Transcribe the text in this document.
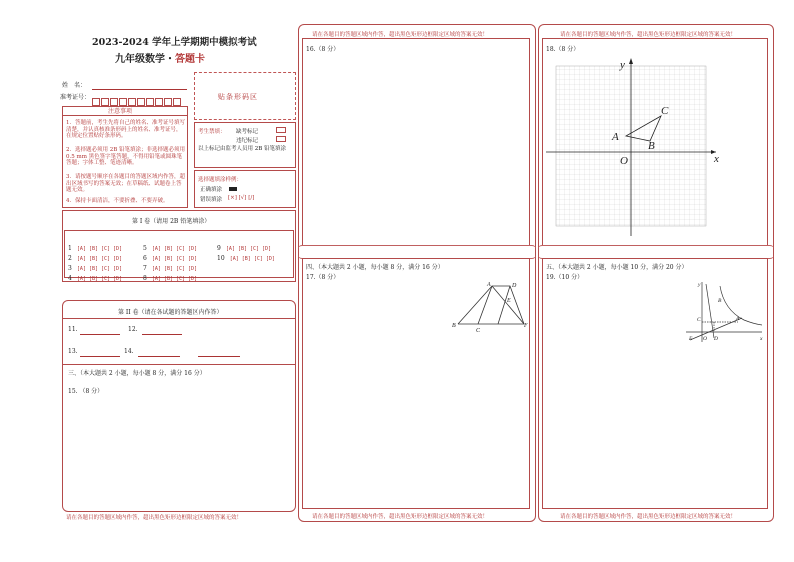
2023-2024 学年上学期期中模拟考试
九年级数学・答题卡
姓　名：
准考证号：	贴条形码区
注意事项
1．答题前，考生先将自己的姓名、准考证号填写清楚，并认真核准条形码上的姓名、准考证号，在规定位置贴好条形码。
2．选择题必须用 2B 铅笔填涂；非选择题必须用 0.5 mm 黑色签字笔答题，不得用铅笔或圆珠笔答题；字体工整、笔迹清晰。
3．请按题号顺序在各题目的答题区域内作答，超出区域书写的答案无效；在草稿纸、试题卷上答题无效。
4．保持卡面清洁，不要折叠、不要弄破。
考生禁填： 缺考标记
违纪标记
以上标记由监考人员用 2B 铅笔填涂
选择题填涂样例：
正确填涂
错误填涂 [×] [√] [/]
第 I 卷（请用 2B 铅笔填涂）
1 [A] [B] [C] [D]
2 [A] [B] [C] [D]
3 [A] [B] [C] [D]
4 [A] [B] [C] [D]
5 [A] [B] [C] [D]
6 [A] [B] [C] [D]
7 [A] [B] [C] [D]
8 [A] [B] [C] [D]
9 [A] [B] [C] [D]
10 [A] [B] [C] [D]
第 II 卷（请在各试题的答题区内作答）
11.	12.
13.	14.
三、（本大题共 2 小题，每小题 8 分，满分 16 分）
15. （8 分）
请在各题目的答题区域内作答，超出黑色矩形边框限定区域的答案无效！
请在各题目的答题区域内作答，超出黑色矩形边框限定区域的答案无效！
16.（8 分）
四、（本大题共 2 小题，每小题 8 分，满分 16 分）
17.（8 分）
A	D
E
B
C
F
请在各题目的答题区域内作答，超出黑色矩形边框限定区域的答案无效！
请在各题目的答题区域内作答，超出黑色矩形边框限定区域的答案无效！
18.（8 分）
y
x
O
A
B
C
五、（本大题共 2 小题，每小题 10 分，满分 20 分）
19.（10 分）
y
x
O
A
B
C
D
E
请在各题目的答题区域内作答，超出黑色矩形边框限定区域的答案无效！
